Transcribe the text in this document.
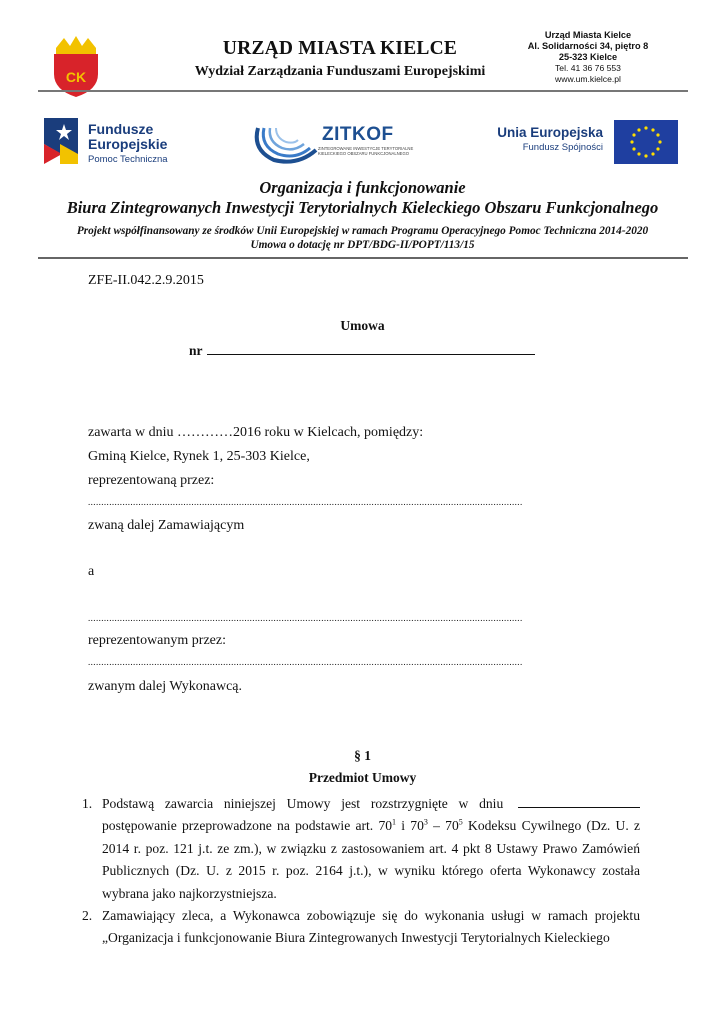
CK
URZĄD MIASTA KIELCE
Wydział Zarządzania Funduszami Europejskimi
Urząd Miasta Kielce
Al. Solidarności 34, piętro 8
25-323 Kielce
Tel. 41 36 76 553
www.um.kielce.pl
Fundusze
Europejskie
Pomoc Techniczna
ZITKOF
ZINTEGROWANE INWESTYCJE TERYTORIALNE
KIELECKIEGO OBSZARU FUNKCJONALNEGO
Unia Europejska
Fundusz Spójności
Organizacja i funkcjonowanie
Biura Zintegrowanych Inwestycji Terytorialnych Kieleckiego Obszaru Funkcjonalnego
Projekt współfinansowany ze środków Unii Europejskiej w ramach Programu Operacyjnego Pomoc Techniczna 2014-2020
Umowa o dotację nr DPT/BDG-II/POPT/113/15
ZFE-II.042.2.9.2015
Umowa
nr
zawarta w dniu …………2016 roku w Kielcach, pomiędzy:
Gminą Kielce, Rynek 1, 25-303 Kielce,
reprezentowaną przez:
....................................................................................................................................................................
zwaną dalej Zamawiającym
a
....................................................................................................................................................................
reprezentowanym przez:
....................................................................................................................................................................
zwanym dalej Wykonawcą.
§ 1
Przedmiot Umowy
1. Podstawą zawarcia niniejszej Umowy jest rozstrzygnięte w dniu  postępowanie przeprowadzone na podstawie art. $70^1$ i $70^3 - 70^5$ Kodeksu Cywilnego (Dz. U. z 2014 r. poz. 121 j.t. ze zm.), w związku z zastosowaniem art. 4 pkt 8 Ustawy Prawo Zamówień Publicznych (Dz. U. z 2015 r. poz. 2164 j.t.), w wyniku którego oferta Wykonawcy została wybrana jako najkorzystniejsza.
2. Zamawiający zleca, a Wykonawca zobowiązuje się do wykonania usługi w ramach projektu „Organizacja i funkcjonowanie Biura Zintegrowanych Inwestycji Terytorialnych Kieleckiego
